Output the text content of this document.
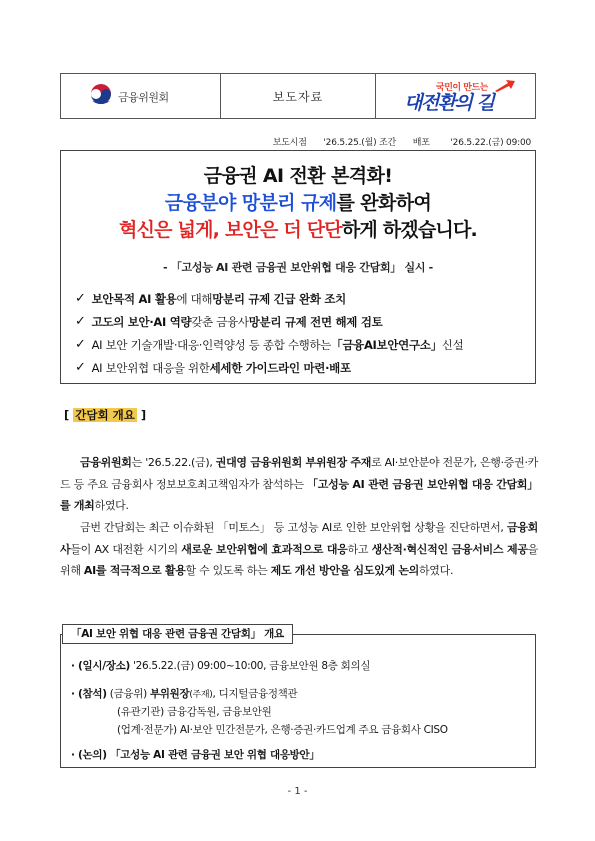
금융위원회	보도자료
국민이 만드는
대전환의 길
보도시점 '26.5.25.(월) 조간 배포 '26.5.22.(금) 09:00
금융권 AI 전환 본격화!
금융분야 망분리 규제를 완화하여
혁신은 넓게, 보안은 더 단단하게 하겠습니다.
- 「고성능 AI 관련 금융권 보안위협 대응 간담회」 실시 -
✓ 보안목적 AI 활용 에 대해 망분리 규제 긴급 완화 조치
✓ 고도의 보안·AI 역량 갖춘 금융사 망분리 규제 전면 해제 검토
✓ AI 보안 기술개발·대응·인력양성 등 종합 수행하는 「금융AI보안연구소」 신설
✓ AI 보안위협 대응을 위한 세세한 가이드라인 마련·배포
[ 간담회 개요 ]
금융위원회는 '26.5.22.(금), 권대영 금융위원회 부위원장 주재로 AI·보안분야 전문가, 은행·증권·카드 등 주요 금융회사 정보보호최고책임자가 참석하는 「고성능 AI 관련 금융권 보안위협 대응 간담회」를 개최하였다.
금번 간담회는 최근 이슈화된 「미토스」 등 고성능 AI로 인한 보안위협 상황을 진단하면서, 금융회사들이 AX 대전환 시기의 새로운 보안위협에 효과적으로 대응하고 생산적·혁신적인 금융서비스 제공을 위해 AI를 적극적으로 활용할 수 있도록 하는 제도 개선 방안을 심도있게 논의하였다.
「AI 보안 위협 대응 관련 금융권 간담회」 개요
· (일시/장소) '26.5.22.(금) 09:00~10:00, 금융보안원 8층 회의실
· (참석) (금융위) 부위원장(주재), 디지털금융정책관
(유관기관) 금융감독원, 금융보안원
(업계·전문가) AI·보안 민간전문가, 은행·증권·카드업계 주요 금융회사 CISO
· (논의) 「고성능 AI 관련 금융권 보안 위협 대응방안」
- 1 -
